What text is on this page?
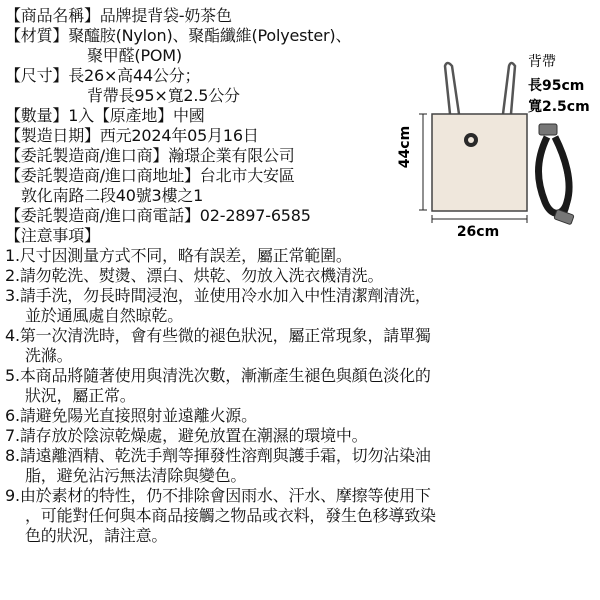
【商品名稱】品牌提背袋-奶茶色
【材質】聚醯胺(Nylon)、聚酯纖維(Polyester)、
聚甲醛(POM)
【尺寸】長26×高44公分；
背帶長95×寬2.5公分
【數量】1入【原產地】中國
【製造日期】西元2024年05月16日
【委託製造商/進口商】瀚璟企業有限公司
【委託製造商/進口商地址】台北市大安區
敦化南路二段40號3樓之1
【委託製造商/進口商電話】02-2897-6585
【注意事項】
1.尺寸因測量方式不同，略有誤差，屬正常範圍。
2.請勿乾洗、熨燙、漂白、烘乾、勿放入洗衣機清洗。
3.請手洗，勿長時間浸泡，並使用冷水加入中性清潔劑清洗，
並於通風處自然晾乾。
4.第一次清洗時，會有些微的褪色狀況，屬正常現象，請單獨
洗滌。
5.本商品將隨著使用與清洗次數，漸漸產生褪色與顏色淡化的
狀況，屬正常。
6.請避免陽光直接照射並遠離火源。
7.請存放於陰涼乾燥處，避免放置在潮濕的環境中。
8.請遠離酒精、乾洗手劑等揮發性溶劑與護手霜，切勿沾染油
脂，避免沾污無法清除與變色。
9.由於素材的特性，仍不排除會因雨水、汗水、摩擦等使用下
，可能對任何與本商品接觸之物品或衣料，發生色移導致染
色的狀況，請注意。
44cm
26cm
背帶
長95cm
寬2.5cm
